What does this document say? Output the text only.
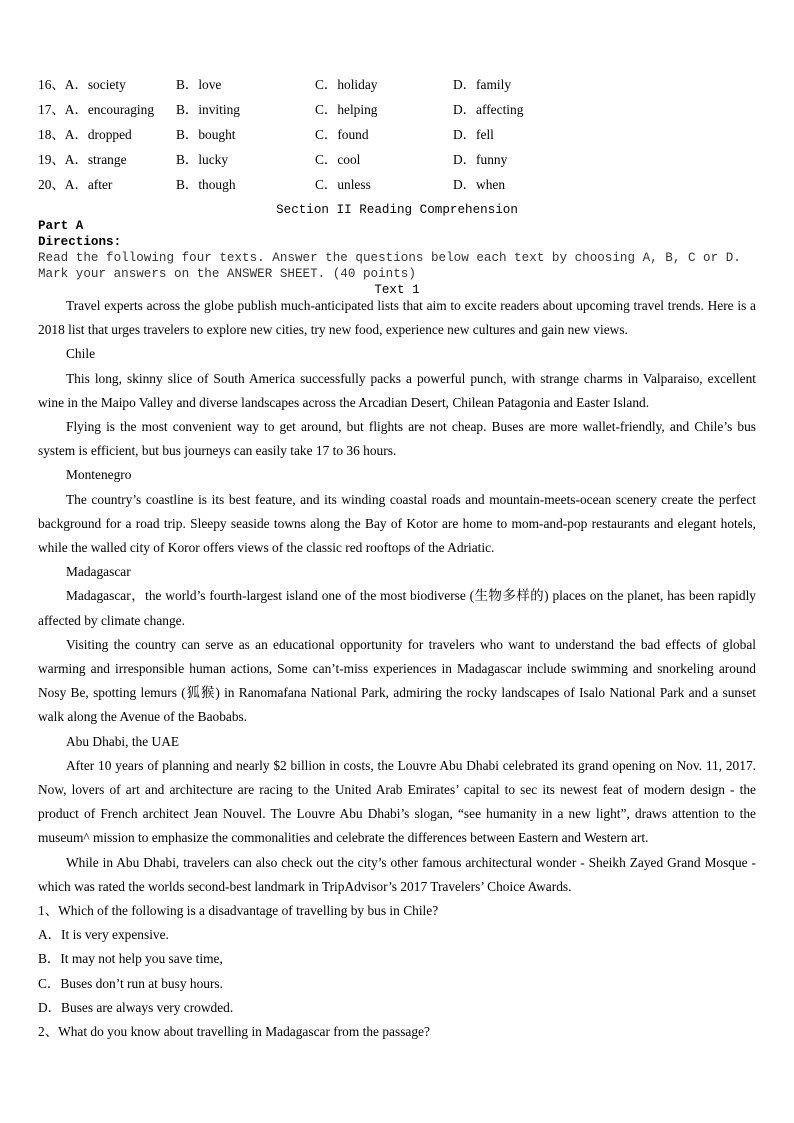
16、A．society	B．love	C．holiday	D．family
17、A．encouraging B．inviting	C．helping	D．affecting
18、A．dropped	B．bought	C．found	D．fell
19、A．strange	B．lucky	C．cool	D．funny
20、A．after	B．though	C．unless	D．when
Section II Reading Comprehension
Part A
Directions:
Read the following four texts. Answer the questions below each text by choosing A, B, C or D. Mark your answers on the ANSWER SHEET. (40 points)
Text 1

Travel experts across the globe publish much-anticipated lists that aim to excite readers about upcoming travel trends. Here is a 2018 list that urges travelers to explore new cities, try new food, experience new cultures and gain new views.

Chile

This long, skinny slice of South America successfully packs a powerful punch, with strange charms in Valparaiso, excellent wine in the Maipo Valley and diverse landscapes across the Arcadian Desert, Chilean Patagonia and Easter Island.

Flying is the most convenient way to get around, but flights are not cheap. Buses are more wallet-friendly, and Chile’s bus system is efficient, but bus journeys can easily take 17 to 36 hours.

Montenegro

The country’s coastline is its best feature, and its winding coastal roads and mountain-meets-ocean scenery create the perfect background for a road trip. Sleepy seaside towns along the Bay of Kotor are home to mom-and-pop restaurants and elegant hotels, while the walled city of Koror offers views of the classic red rooftops of the Adriatic.

Madagascar

Madagascar，the world’s fourth-largest island one of the most biodiverse (生物多样的) places on the planet, has been rapidly affected by climate change.

Visiting the country can serve as an educational opportunity for travelers who want to understand the bad effects of global warming and irresponsible human actions, Some can’t-miss experiences in Madagascar include swimming and snorkeling around Nosy Be, spotting lemurs (狐猴) in Ranomafana National Park, admiring the rocky landscapes of Isalo National Park and a sunset walk along the Avenue of the Baobabs.

Abu Dhabi, the UAE

After 10 years of planning and nearly $2 billion in costs, the Louvre Abu Dhabi celebrated its grand opening on Nov. 11, 2017. Now, lovers of art and architecture are racing to the United Arab Emirates’ capital to sec its newest feat of modern design - the product of French architect Jean Nouvel. The Louvre Abu Dhabi’s slogan, “see humanity in a new light”, draws attention to the museum^ mission to emphasize the commonalities and celebrate the differences between Eastern and Western art.

While in Abu Dhabi, travelers can also check out the city’s other famous architectural wonder - Sheikh Zayed Grand Mosque - which was rated the worlds second-best landmark in TripAdvisor’s 2017 Travelers’ Choice Awards.

1、Which of the following is a disadvantage of travelling by bus in Chile?

A．It is very expensive.

B．It may not help you save time,

C．Buses don’t run at busy hours.

D．Buses are always very crowded.

2、What do you know about travelling in Madagascar from the passage?
